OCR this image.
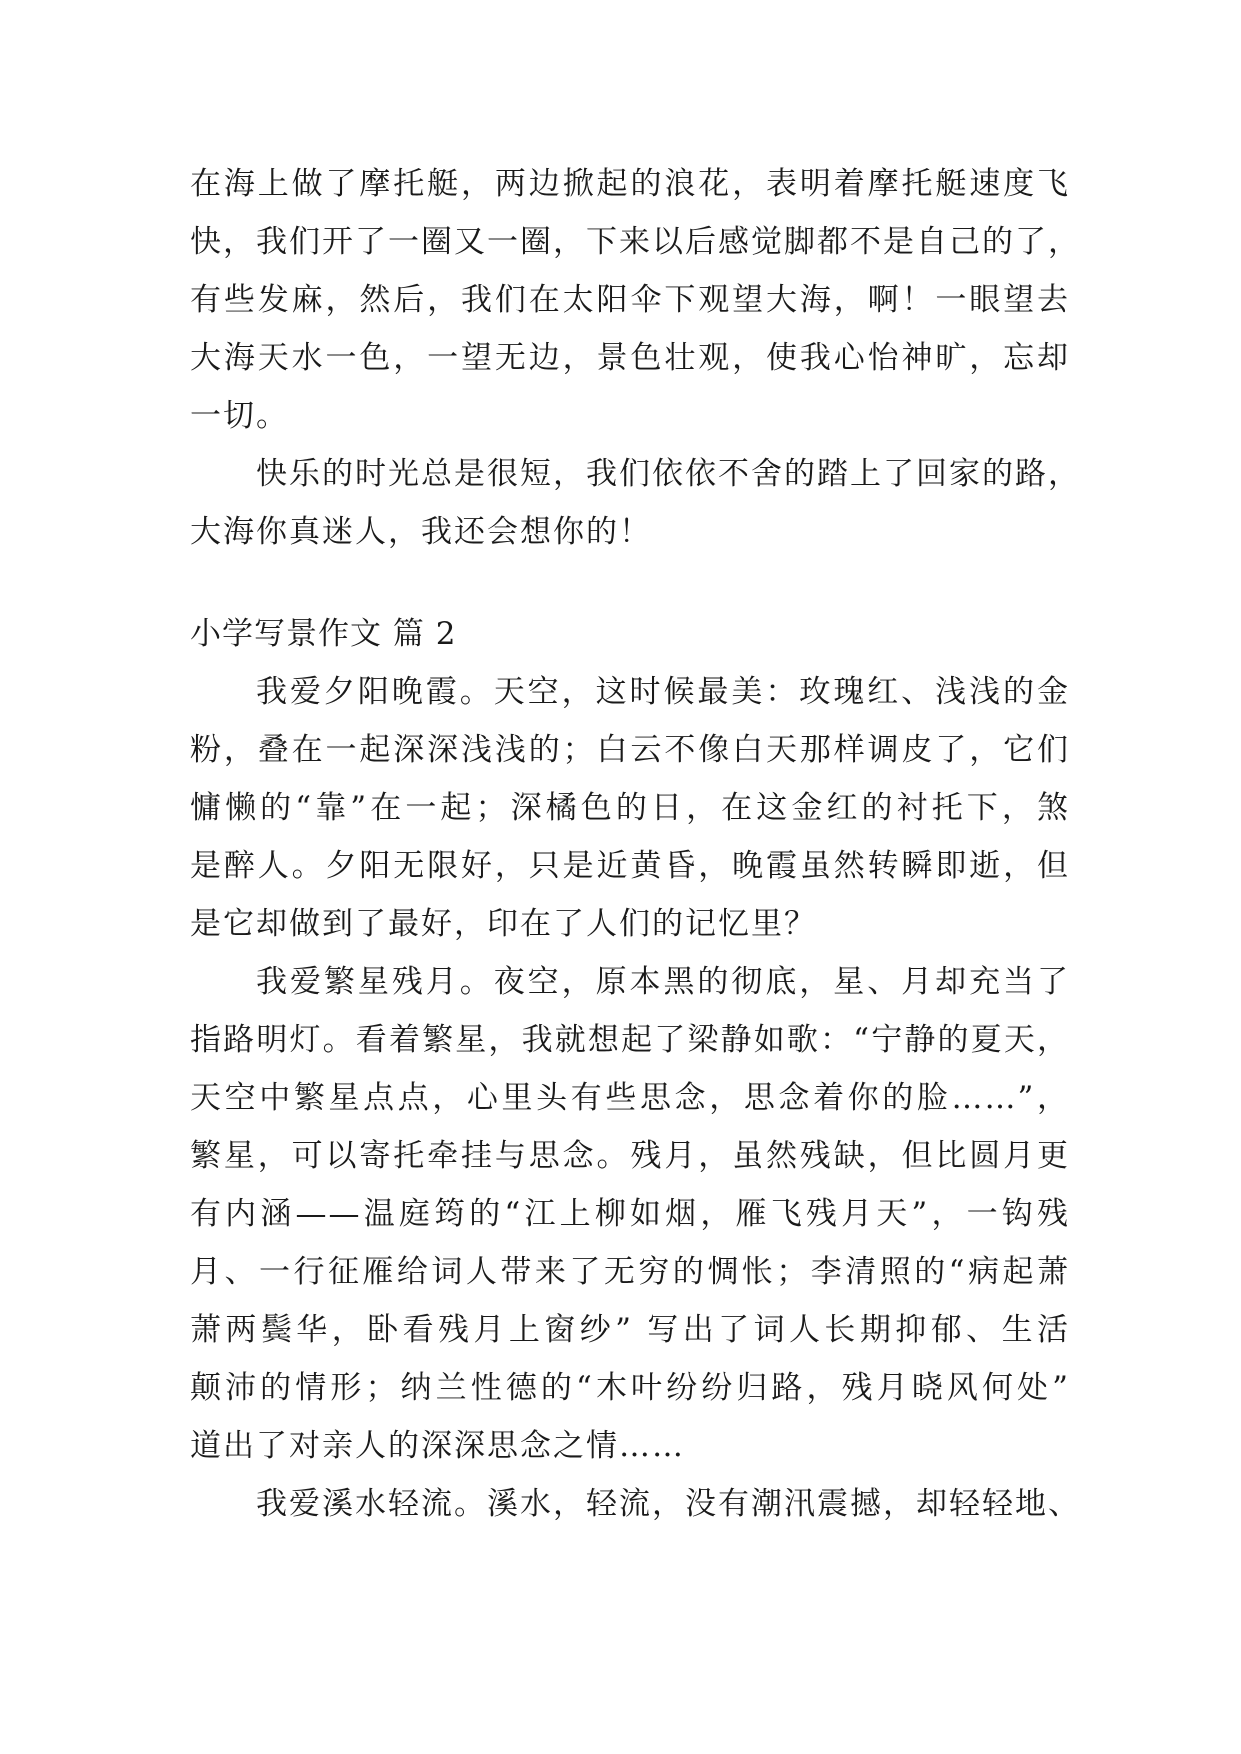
在海上做了摩托艇，两边掀起的浪花，表明着摩托艇速度飞
快，我们开了一圈又一圈，下来以后感觉脚都不是自己的了，
有些发麻，然后，我们在太阳伞下观望大海，啊！一眼望去
大海天水一色，一望无边，景色壮观，使我心怡神旷，忘却
一切。
快乐的时光总是很短，我们依依不舍的踏上了回家的路，
大海你真迷人，我还会想你的！
小学写景作文 篇 2
我爱夕阳晚霞。天空，这时候最美：玫瑰红、浅浅的金
粉，叠在一起深深浅浅的；白云不像白天那样调皮了，它们
慵懒的“靠”在一起；深橘色的日，在这金红的衬托下，煞
是醉人。夕阳无限好，只是近黄昏，晚霞虽然转瞬即逝，但
是它却做到了最好，印在了人们的记忆里？
我爱繁星残月。夜空，原本黑的彻底，星、月却充当了
指路明灯。看着繁星，我就想起了梁静如歌：“宁静的夏天，
天空中繁星点点，心里头有些思念，思念着你的脸……”，
繁星，可以寄托牵挂与思念。残月，虽然残缺，但比圆月更
有内涵——温庭筠的“江上柳如烟，雁飞残月天”，一钩残
月、一行征雁给词人带来了无穷的惆怅；李清照的“病起萧
萧两鬓华，卧看残月上窗纱” 写出了词人长期抑郁、生活
颠沛的情形；纳兰性德的“木叶纷纷归路，残月晓风何处”
道出了对亲人的深深思念之情……
我爱溪水轻流。溪水，轻流，没有潮汛震撼，却轻轻地、
